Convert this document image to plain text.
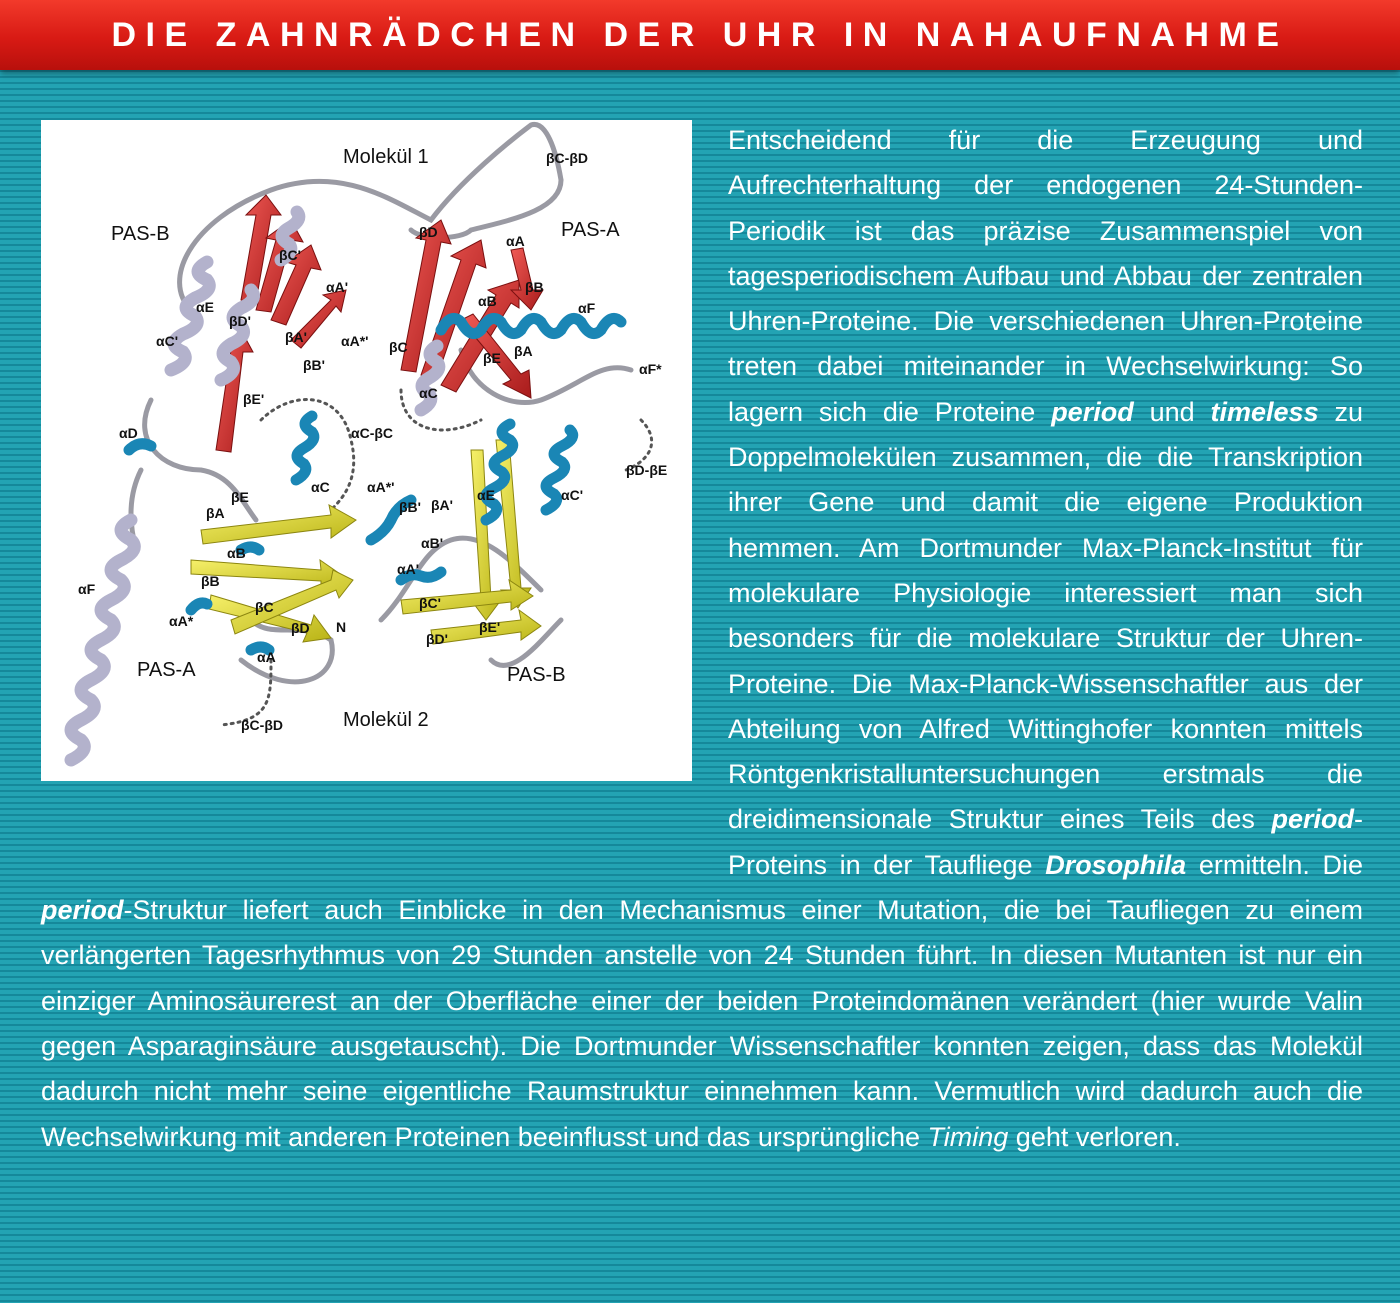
DIE ZAHNRÄDCHEN DER UHR IN NAHAUFNAHME
Molekül 1
PAS-B	PAS-A
PAS-A	PAS-B
Molekül 2
βC-βD
βC-βD
αC-βC
βD-βE
N
βC'
αA'
αA*'
βB'
αE
βA'
αC'
βD'
βE'
αD
βD
αA
βB
αB	αF
βC
βE βA
αC
αF*
βE
αC
βA
αB
βB
αF
αA*
βC
βD
αA
αA*'
βB' βA'
αE	αC'
αB'
αA'
βC'
βE'
βD'

Entscheidend für die Erzeugung und Aufrechterhaltung der endogenen 24-Stunden-Periodik ist das präzise Zusammenspiel von tagesperiodischem Aufbau und Abbau der zentralen Uhren-Proteine. Die verschiedenen Uhren-Proteine treten dabei miteinander in Wechselwirkung: So lagern sich die Proteine period und timeless zu Doppelmolekülen zusammen, die die Transkription ihrer Gene und damit die eigene Produktion hemmen. Am Dortmunder Max-Planck-Institut für molekulare Physiologie interessiert man sich besonders für die molekulare Struktur der Uhren-Proteine. Die Max-Planck-Wissenschaftler aus der Abteilung von Alfred Wittinghofer konnten mittels Röntgenkristalluntersuchungen erstmals die dreidimensionale Struktur eines Teils des period-Proteins in der Taufliege Drosophila ermitteln. Die period-Struktur liefert auch Einblicke in den Mechanismus einer Mutation, die bei Taufliegen zu einem verlängerten Tagesrhythmus von 29 Stunden anstelle von 24 Stunden führt. In diesen Mutanten ist nur ein einziger Aminosäurerest an der Oberfläche einer der beiden Proteindomänen verändert (hier wurde Valin gegen Asparaginsäure ausgetauscht). Die Dortmunder Wissenschaftler konnten zeigen, dass das Molekül dadurch nicht mehr seine eigentliche Raumstruktur einnehmen kann. Vermutlich wird dadurch auch die Wechselwirkung mit anderen Proteinen beeinflusst und das ursprüngliche Timing geht verloren.
